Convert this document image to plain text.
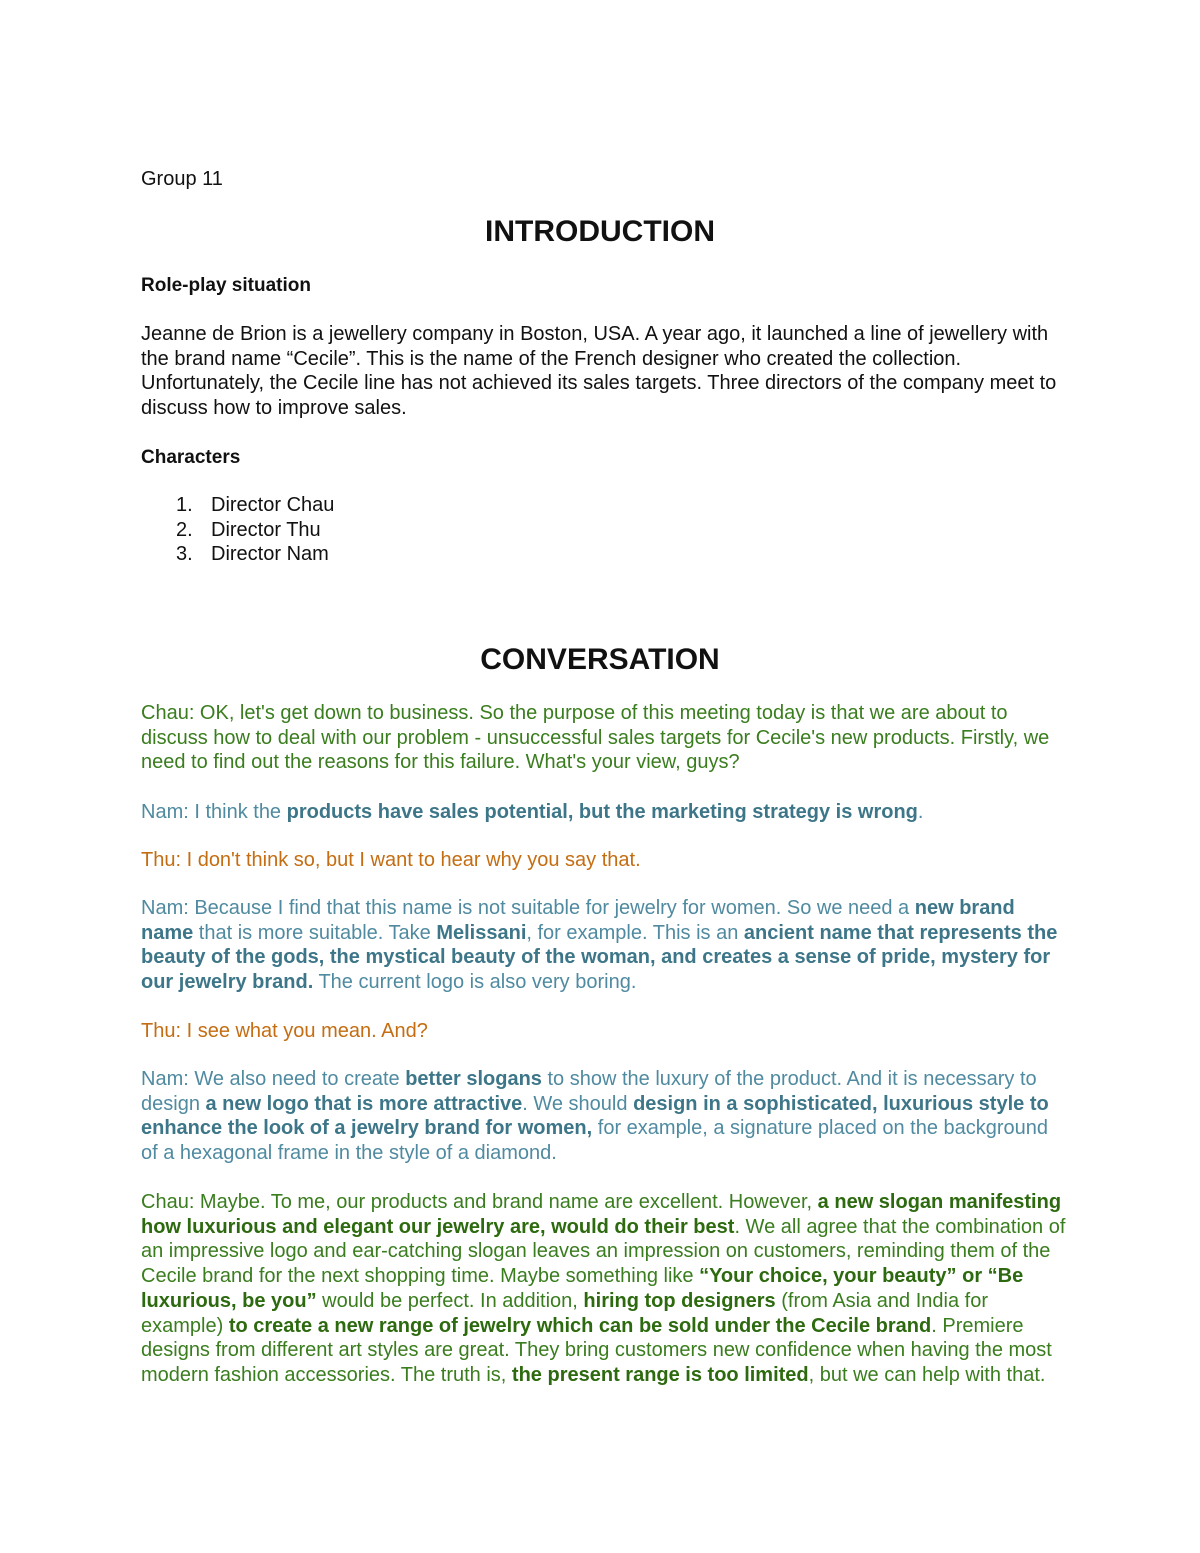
Group 11
INTRODUCTION
Role-play situation

Jeanne de Brion is a jewellery company in Boston, USA. A year ago, it launched a line of jewellery with the brand name “Cecile”. This is the name of the French designer who created the collection. Unfortunately, the Cecile line has not achieved its sales targets. Three directors of the company meet to discuss how to improve sales.

Characters
1. Director Chau
2. Director Thu
3. Director Nam
CONVERSATION

Chau: OK, let's get down to business. So the purpose of this meeting today is that we are about to discuss how to deal with our problem - unsuccessful sales targets for Cecile's new products. Firstly, we need to find out the reasons for this failure. What's your view, guys?

Nam: I think the products have sales potential, but the marketing strategy is wrong.

Thu: I don't think so, but I want to hear why you say that.

Nam: Because I find that this name is not suitable for jewelry for women. So we need a new brand name that is more suitable. Take Melissani, for example. This is an ancient name that represents the beauty of the gods, the mystical beauty of the woman, and creates a sense of pride, mystery for our jewelry brand. The current logo is also very boring.

Thu: I see what you mean. And?

Nam: We also need to create better slogans to show the luxury of the product. And it is necessary to design a new logo that is more attractive. We should design in a sophisticated, luxurious style to enhance the look of a jewelry brand for women, for example, a signature placed on the background of a hexagonal frame in the style of a diamond.

Chau: Maybe. To me, our products and brand name are excellent. However, a new slogan manifesting how luxurious and elegant our jewelry are, would do their best. We all agree that the combination of an impressive logo and ear-catching slogan leaves an impression on customers, reminding them of the Cecile brand for the next shopping time. Maybe something like “Your choice, your beauty” or “Be luxurious, be you” would be perfect. In addition, hiring top designers (from Asia and India for example) to create a new range of jewelry which can be sold under the Cecile brand. Premiere designs from different art styles are great. They bring customers new confidence when having the most modern fashion accessories. The truth is, the present range is too limited, but we can help with that.
